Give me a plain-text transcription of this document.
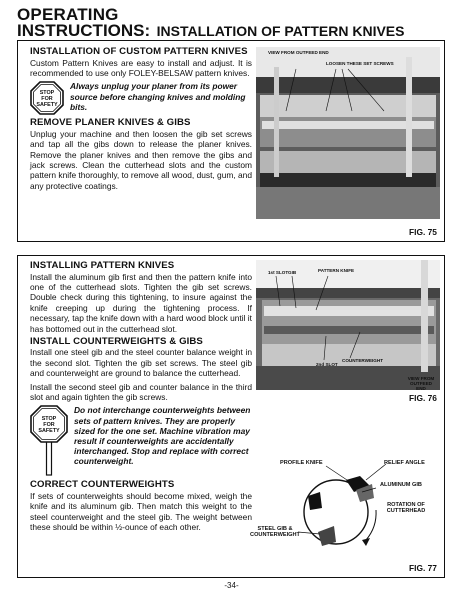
OPERATING
INSTRUCTIONS: INSTALLATION OF PATTERN KNIVES
INSTALLATION OF CUSTOM PATTERN KNIVES

Custom Pattern Knives are easy to install and adjust. It is recommended to use only FOLEY-BELSAW pattern knives.

STOP
FOR
SAFETY
Always unplug your planer from its power source before changing knives and molding bits.
REMOVE PLANER KNIVES & GIBS

Unplug your machine and then loosen the gib set screws and tap all the gibs down to release the planer knives. Remove the planer knives and then remove the gibs and jack screws. Clean the cutterhead slots and the custom pattern knife thoroughly, to remove all wood, dust, gum, and any protective coatings.

VIEW FROM OUTFEED END
LOOSEN THESE SET SCREWS
FIG. 75
INSTALLING PATTERN KNIVES

Install the aluminum gib first and then the pattern knife into one of the cutterhead slots. Tighten the gib set screws. Double check during this tightening, to insure against the knife creeping up during the tightening process. If necessary, tap the knife down with a hard wood block until it has bottomed out in the cutterhead slot.

INSTALL COUNTERWEIGHTS & GIBS

Install one steel gib and the steel counter balance weight in the second slot. Tighten the gib set screws. The steel gib and counterweight are ground to balance the cutterhead.

Install the second steel gib and counter balance in the third slot and again tighten the gib screws.

STOP
FOR
SAFETY
Do not interchange counterweights between sets of pattern knives. They are properly sized for the one set. Machine vibration may result if counterweights are accidentally interchanged. Stop and replace with correct counterweight.
CORRECT COUNTERWEIGHTS

If sets of counterweights should become mixed, weigh the knife and its aluminum gib. Then match this weight to the steel counterweight and the steel gib. The weight between these should be within ½-ounce of each other.

1st SLOT GIB	PATTERN KNIFE
COUNTERWEIGHT
2nd SLOT
VIEW FROM OUTFEED END
FIG. 76
PROFILE KNIFE	RELIEF ANGLE
ALUMINUM GIB
ROTATION OF CUTTERHEAD
STEEL GIB & COUNTERWEIGHT
FIG. 77
-34-
